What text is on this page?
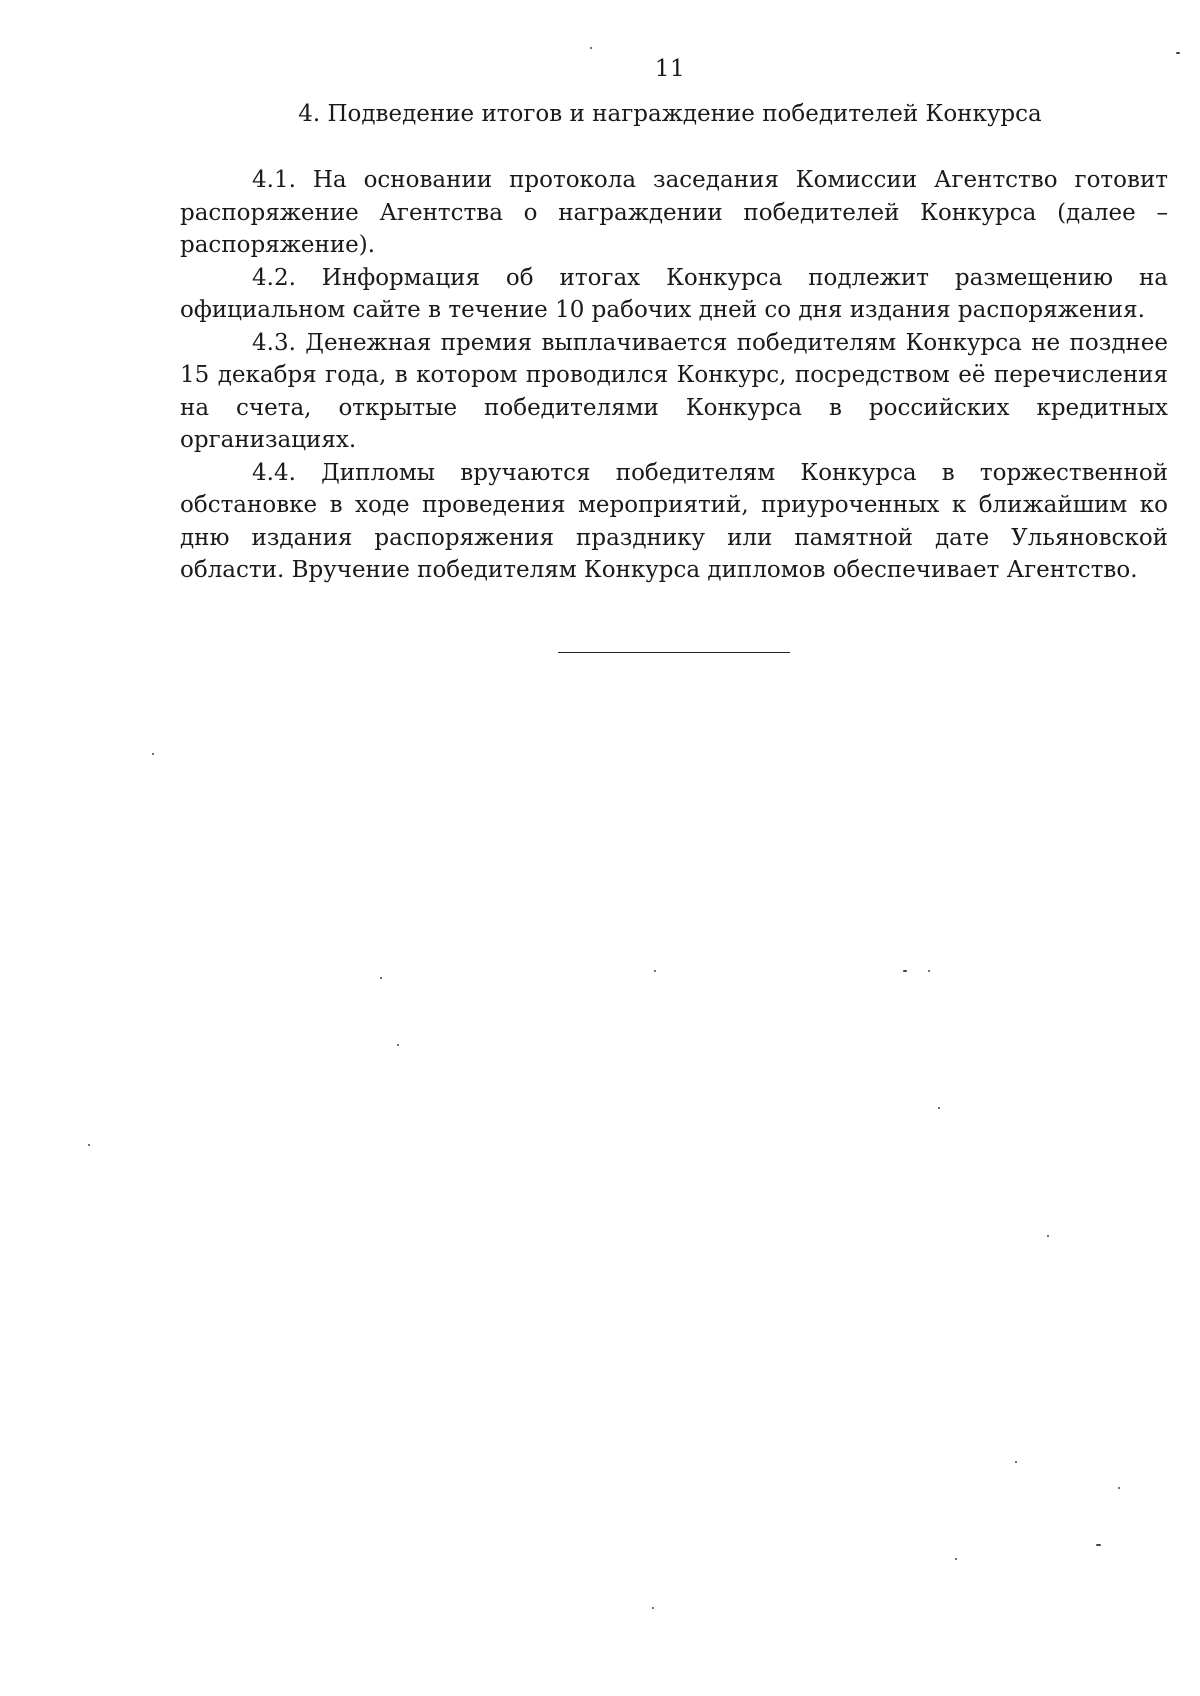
11
4. Подведение итогов и награждение победителей Конкурса

4.1. На основании протокола заседания Комиссии Агентство готовит распоряжение Агентства о награждении победителей Конкурса (далее – распоряжение).

4.2. Информация об итогах Конкурса подлежит размещению на официальном сайте в течение 10 рабочих дней со дня издания распоряжения.

4.3. Денежная премия выплачивается победителям Конкурса не позднее 15 декабря года, в котором проводился Конкурс, посредством её перечисления на счета, открытые победителями Конкурса в российских кредитных организациях.

4.4. Дипломы вручаются победителям Конкурса в торжественной обстановке в ходе проведения мероприятий, приуроченных к ближайшим ко дню издания распоряжения празднику или памятной дате Ульяновской области. Вручение победителям Конкурса дипломов обеспечивает Агентство.
